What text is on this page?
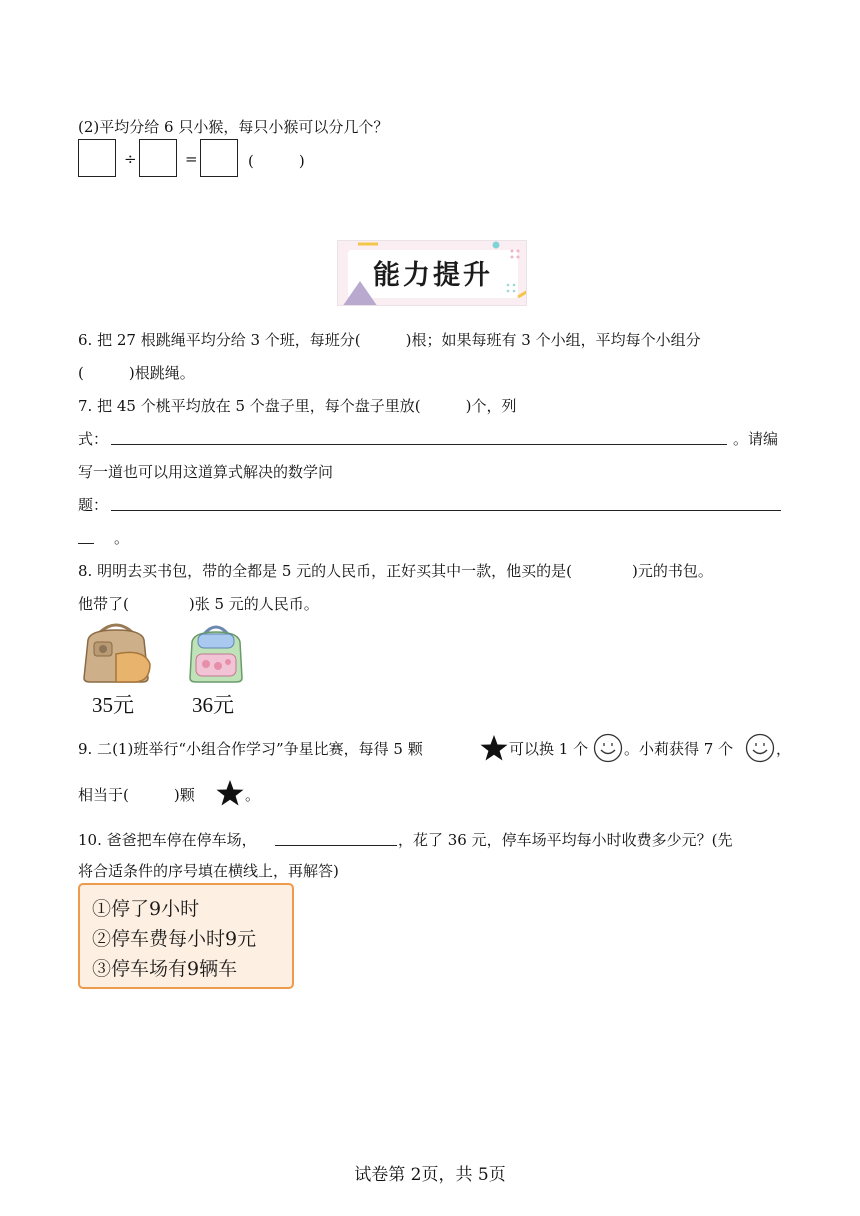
(2)平均分给 6 只小猴，每只小猴可以分几个？
÷	=	(　　　)
能力提升
6. 把 27 根跳绳平均分给 3 个班，每班分(　　　)根；如果每班有 3 个小组，平均每个小组分
(　　　)根跳绳。
7. 把 45 个桃平均放在 5 个盘子里，每个盘子里放(　　　)个，列
式：	。请编
写一道也可以用这道算式解决的数学问
题：
。
8. 明明去买书包，带的全都是 5 元的人民币，正好买其中一款，他买的是(　　　　)元的书包。
他带了(　　　　)张 5 元的人民币。
35元	36元
9. 二(1)班举行“小组合作学习”争星比赛，每得 5 颗	可以换 1 个 。小莉获得 7 个	，
相当于(　　　)颗	。
10. 爸爸把车停在停车场，	，花了 36 元，停车场平均每小时收费多少元？(先
将合适条件的序号填在横线上，再解答)
①停了9小时
②停车费每小时9元
③停车场有9辆车
试卷第 2页，共 5页
